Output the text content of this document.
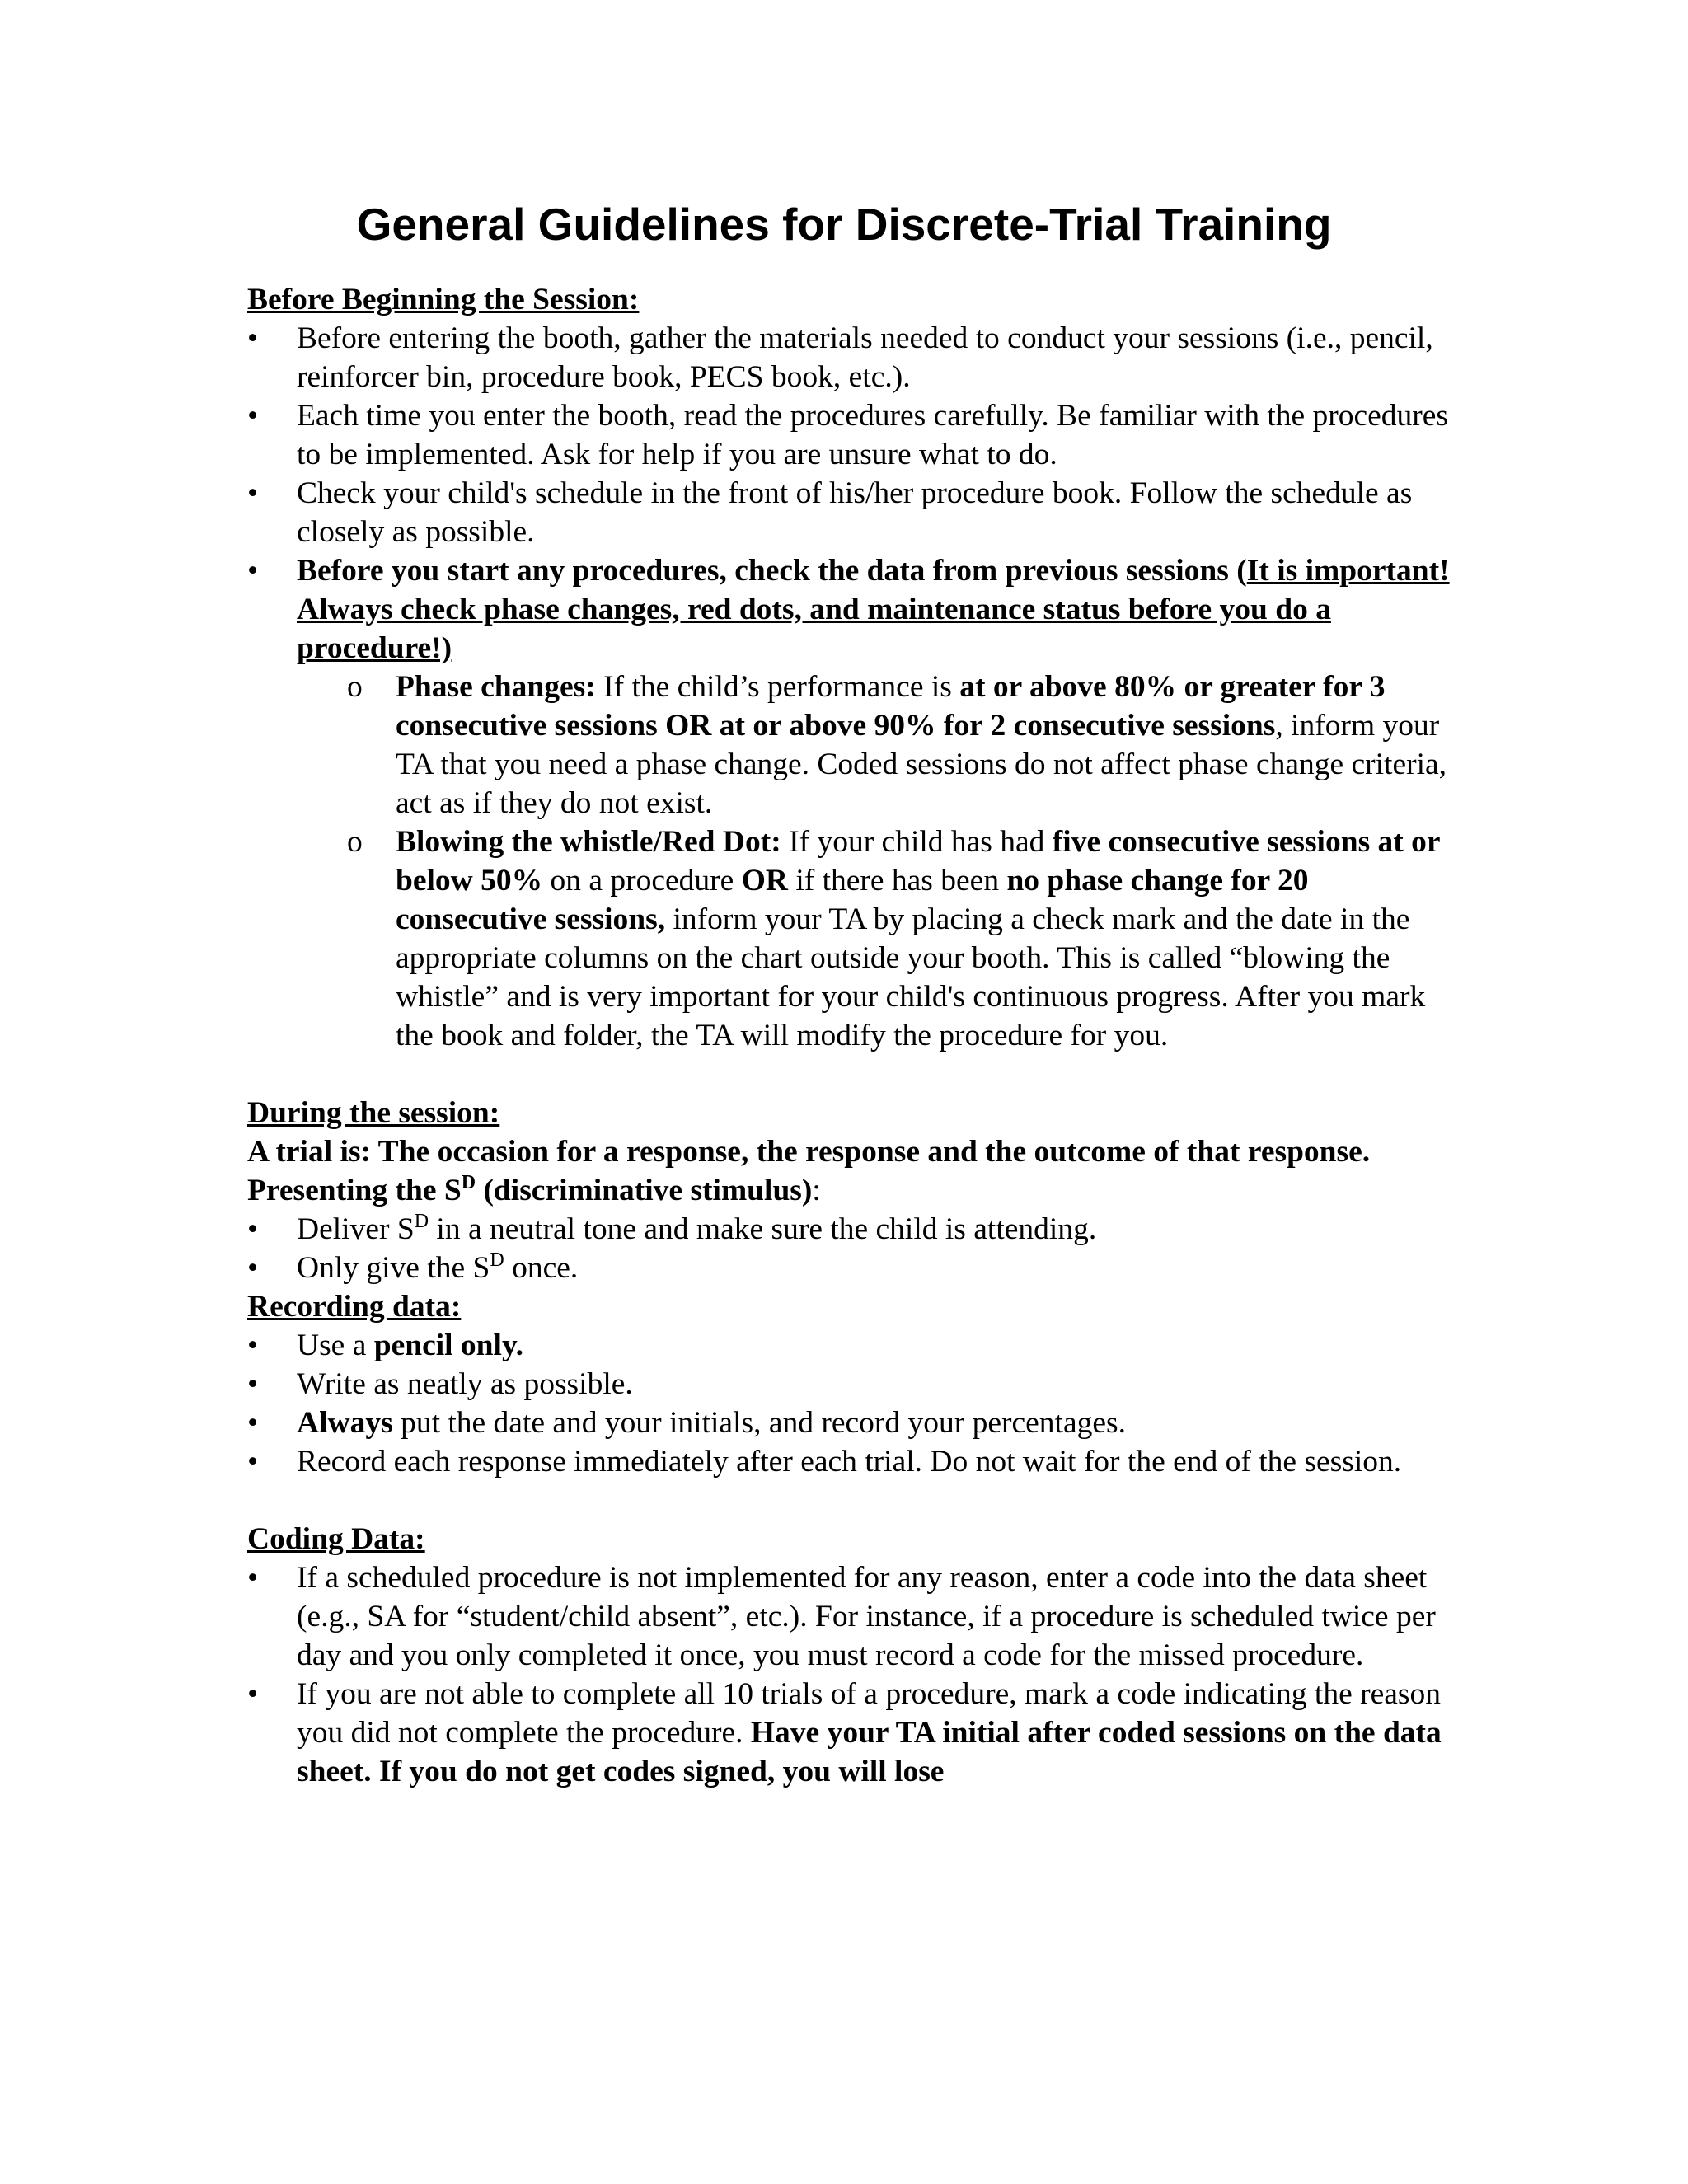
General Guidelines for Discrete-Trial Training

Before Beginning the Session:

• Before entering the booth, gather the materials needed to conduct your sessions (i.e., pencil, reinforcer bin, procedure book, PECS book, etc.).
• Each time you enter the booth, read the procedures carefully. Be familiar with the procedures to be implemented. Ask for help if you are unsure what to do.
• Check your child's schedule in the front of his/her procedure book. Follow the schedule as closely as possible.
• Before you start any procedures, check the data from previous sessions (It is important! Always check phase changes, red dots, and maintenance status before you do a procedure!)
o Phase changes: If the child’s performance is at or above 80% or greater for 3 consecutive sessions OR at or above 90% for 2 consecutive sessions, inform your TA that you need a phase change. Coded sessions do not affect phase change criteria, act as if they do not exist.
o Blowing the whistle/Red Dot: If your child has had five consecutive sessions at or below 50% on a procedure OR if there has been no phase change for 20 consecutive sessions, inform your TA by placing a check mark and the date in the appropriate columns on the chart outside your booth. This is called “blowing the whistle” and is very important for your child's continuous progress. After you mark the book and folder, the TA will modify the procedure for you.

During the session:

A trial is: The occasion for a response, the response and the outcome of that response.

Presenting the $S^D$ (discriminative stimulus):

• Deliver $S^D$ in a neutral tone and make sure the child is attending.
• Only give the $S^D$ once.

Recording data:

• Use a pencil only.
• Write as neatly as possible.
• Always put the date and your initials, and record your percentages.
• Record each response immediately after each trial. Do not wait for the end of the session.

Coding Data:

• If a scheduled procedure is not implemented for any reason, enter a code into the data sheet (e.g., SA for “student/child absent”, etc.). For instance, if a procedure is scheduled twice per day and you only completed it once, you must record a code for the missed procedure.
• If you are not able to complete all 10 trials of a procedure, mark a code indicating the reason you did not complete the procedure. Have your TA initial after coded sessions on the data sheet. If you do not get codes signed, you will lose
